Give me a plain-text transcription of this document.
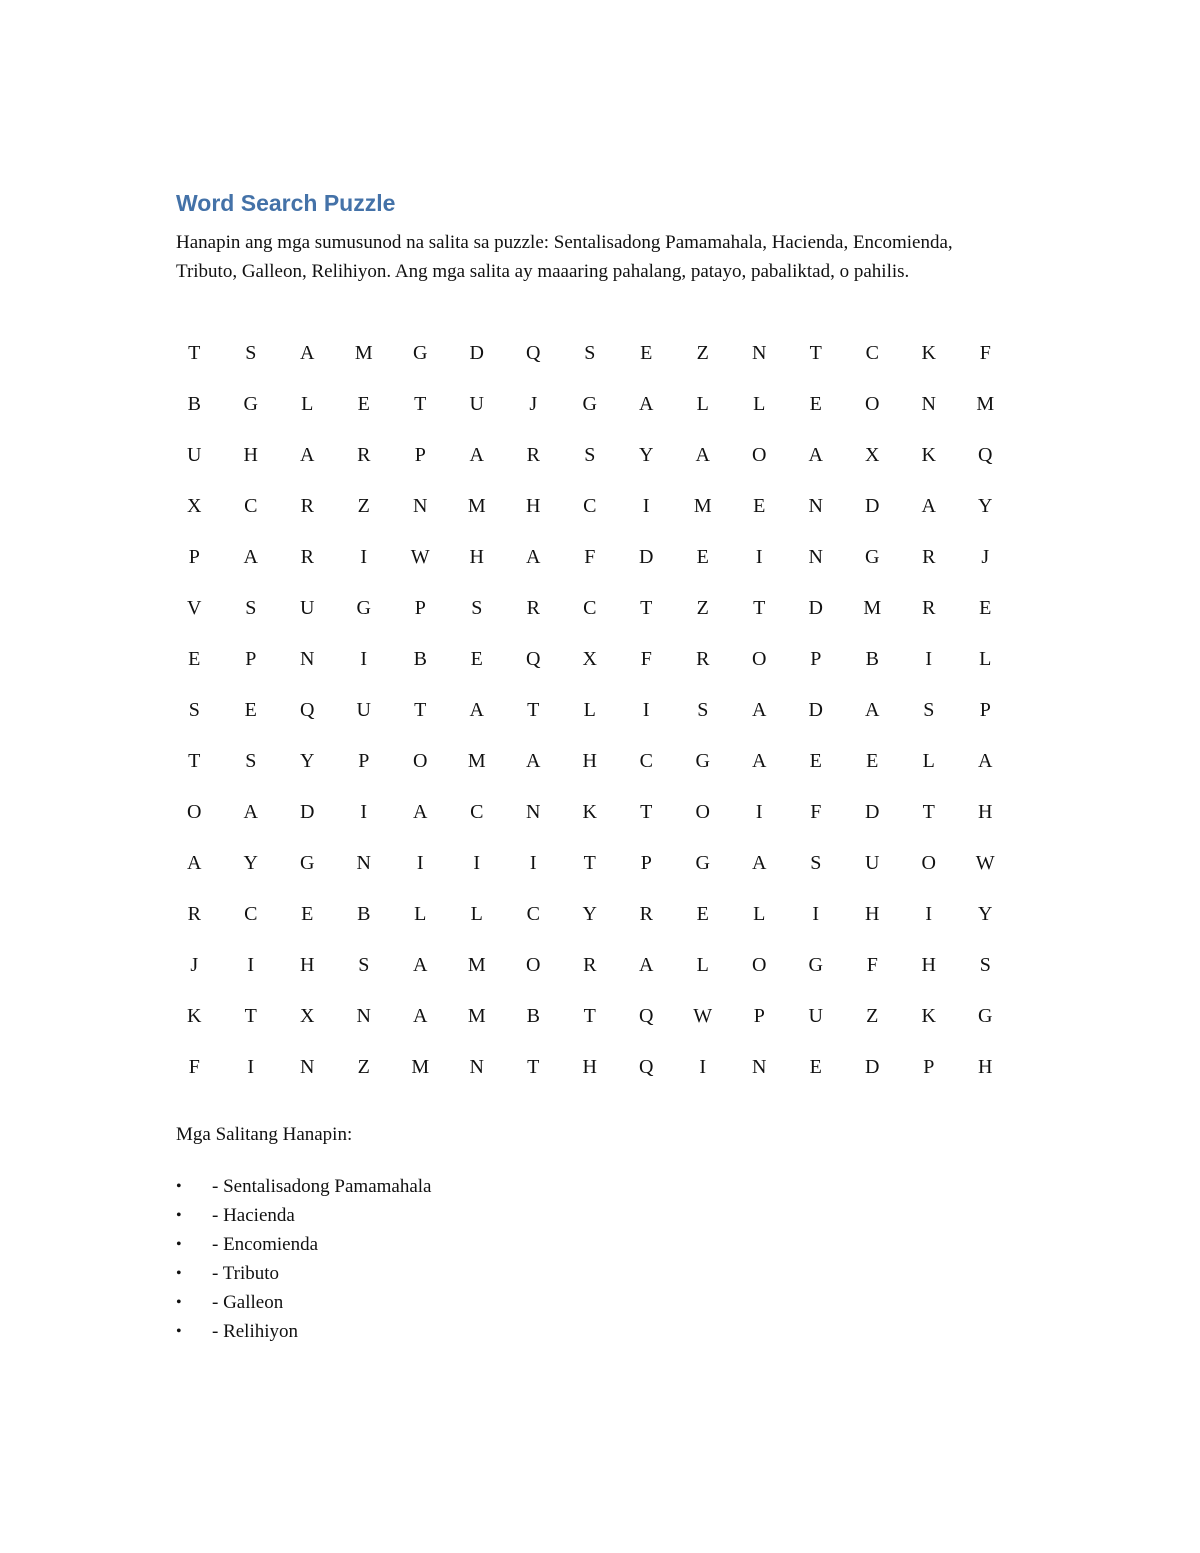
Word Search Puzzle

Hanapin ang mga sumusunod na salita sa puzzle: Sentalisadong Pamamahala, Hacienda, Encomienda, Tributo, Galleon, Relihiyon. Ang mga salita ay maaaring pahalang, patayo, pabaliktad, o pahilis.

T	S	A	M	G	D	Q	S	E	Z	N	T	C	K	F
B	G	L	E	T	U	J	G	A	L	L	E	O	N	M
U	H	A	R	P	A	R	S	Y	A	O	A	X	K	Q
X	C	R	Z	N	M	H	C	I	M	E	N	D	A	Y
P	A	R	I	W	H	A	F	D	E	I	N	G	R	J
V	S	U	G	P	S	R	C	T	Z	T	D	M	R	E
E	P	N	I	B	E	Q	X	F	R	O	P	B	I	L
S	E	Q	U	T	A	T	L	I	S	A	D	A	S	P
T	S	Y	P	O	M	A	H	C	G	A	E	E	L	A
O	A	D	I	A	C	N	K	T	O	I	F	D	T	H
A	Y	G	N	I	I	I	T	P	G	A	S	U	O	W
R	C	E	B	L	L	C	Y	R	E	L	I	H	I	Y
J	I	H	S	A	M	O	R	A	L	O	G	F	H	S
K	T	X	N	A	M	B	T	Q	W	P	U	Z	K	G
F	I	N	Z	M	N	T	H	Q	I	N	E	D	P	H

Mga Salitang Hanapin:

• - Sentalisadong Pamamahala
• - Hacienda
• - Encomienda
• - Tributo
• - Galleon
• - Relihiyon
